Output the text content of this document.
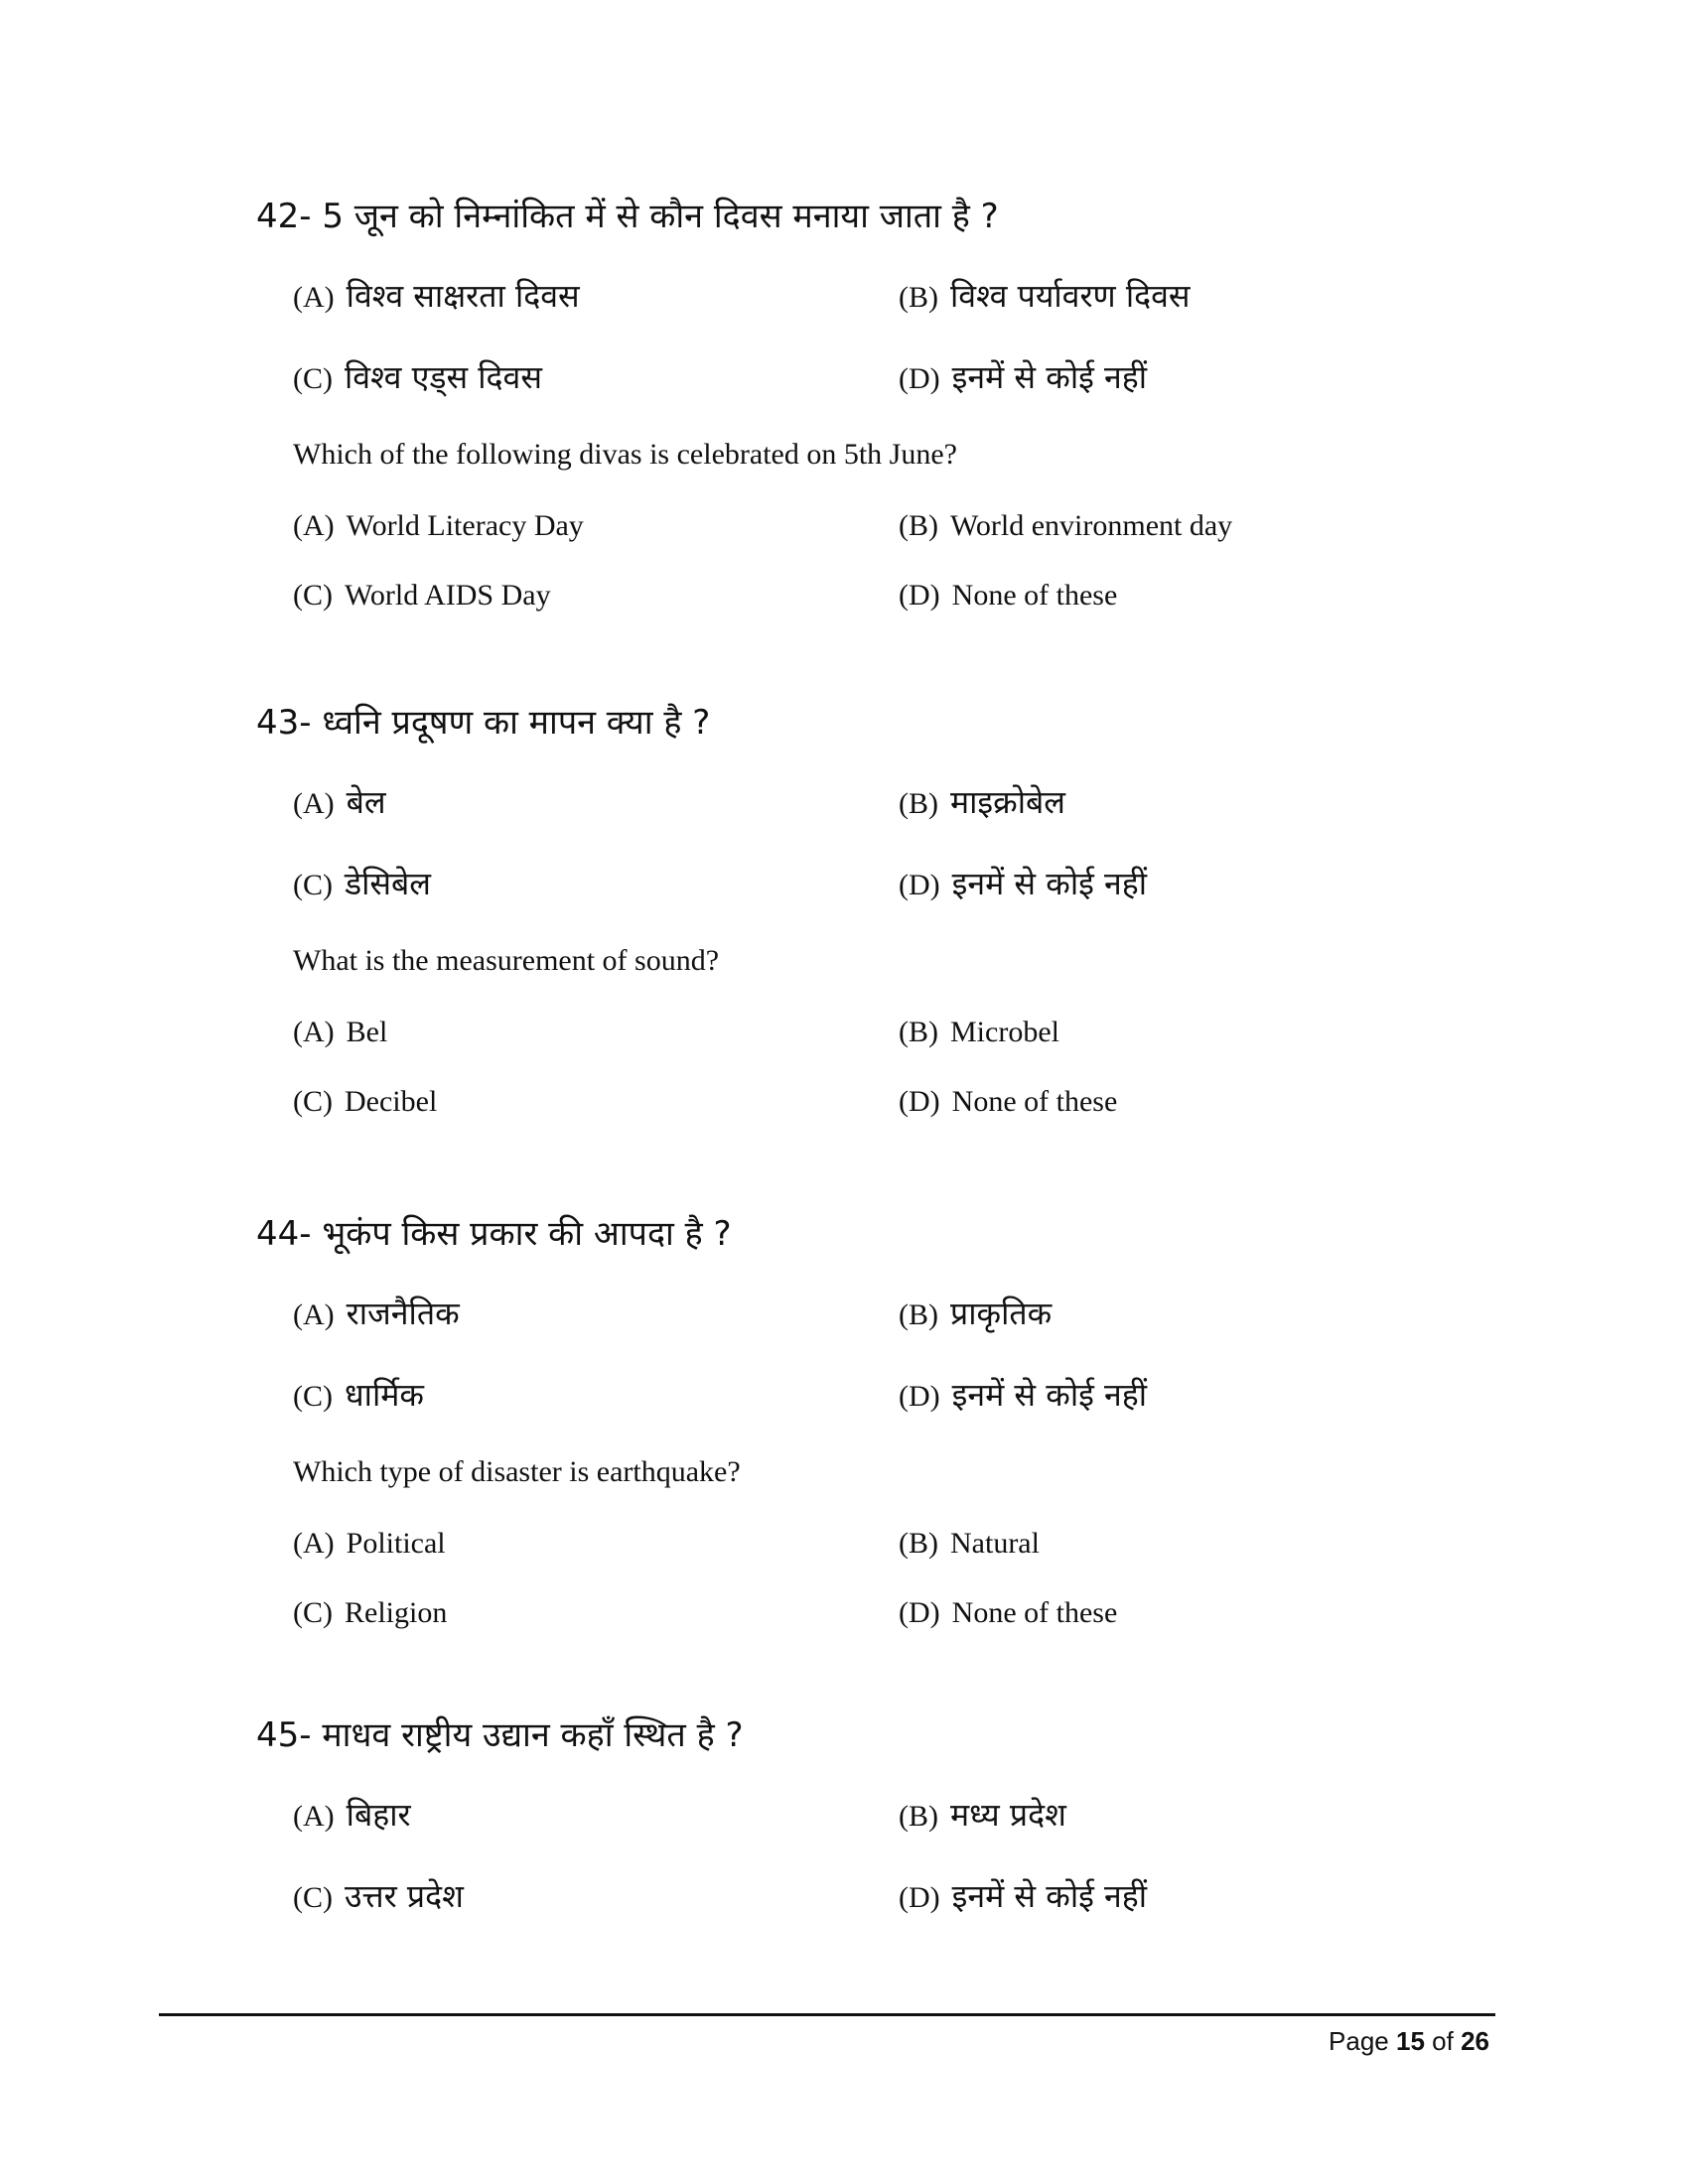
42- 5 जून को निम्नांकित में से कौन दिवस मनाया जाता है ?
(A) विश्व साक्षरता दिवस	(B) विश्व पर्यावरण दिवस
(C) विश्व एड्स दिवस	(D) इनमें से कोई नहीं
Which of the following divas is celebrated on 5th June?
(A) World Literacy Day	(B) World environment day
(C) World AIDS Day	(D) None of these
43- ध्वनि प्रदूषण का मापन क्या है ?
(A) बेल	(B) माइक्रोबेल
(C) डेसिबेल	(D) इनमें से कोई नहीं
What is the measurement of sound?
(A) Bel	(B) Microbel
(C) Decibel	(D) None of these
44- भूकंप किस प्रकार की आपदा है ?
(A) राजनैतिक	(B) प्राकृतिक
(C) धार्मिक	(D) इनमें से कोई नहीं
Which type of disaster is earthquake?
(A) Political	(B) Natural
(C) Religion	(D) None of these
45- माधव राष्ट्रीय उद्यान कहाँ स्थित है ?
(A) बिहार	(B) मध्य प्रदेश
(C) उत्तर प्रदेश	(D) इनमें से कोई नहीं
Page 15 of 26
